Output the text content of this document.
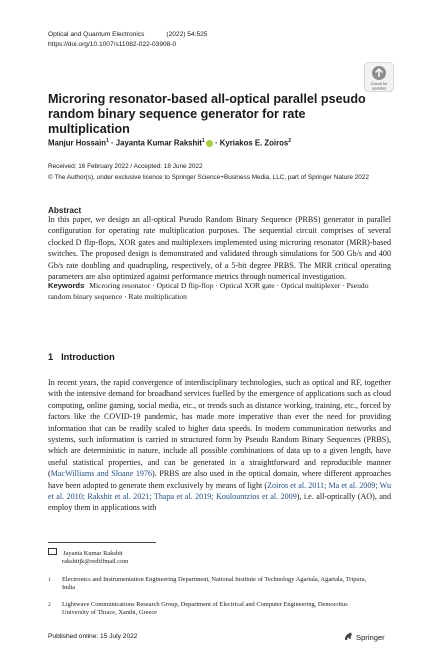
Optical and Quantum Electronics	(2022) 54:525
https://doi.org/10.1007/s11082-022-03908-0
Check for
updates
Microring resonator-based all-optical parallel pseudo random binary sequence generator for rate multiplication
Manjur Hossain$^1$ · Jayanta Kumar Rakshit$^1$ · Kyriakos E. Zoiros$^2$
Received: 16 February 2022 / Accepted: 18 June 2022
© The Author(s), under exclusive licence to Springer Science+Business Media, LLC, part of Springer Nature 2022
Abstract
In this paper, we design an all-optical Pseudo Random Binary Sequence (PRBS) generator in parallel configuration for operating rate multiplication purposes. The sequential circuit comprises of several clocked D flip-flops, XOR gates and multiplexers implemented using microring resonator (MRR)-based switches. The proposed design is demonstrated and validated through simulations for 500 Gb/s and 400 Gb/s rate doubling and quadrupling, respectively, of a 5-bit degree PRBS. The MRR critical operating parameters are also optimized against performance metrics through numerical investigation.
Keywords Microring resonator · Optical D flip-flop · Optical XOR gate · Optical multiplexer · Pseudo random binary sequence · Rate multiplication
1 Introduction
In recent years, the rapid convergence of interdisciplinary technologies, such as optical and RF, together with the intensive demand for broadband services fuelled by the emergence of applications such as cloud computing, online gaming, social media, etc., or trends such as distance working, training, etc., forced by factors like the COVID-19 pandemic, has made more imperative than ever the need for providing information that can be readily scaled to higher data speeds. In modern communication networks and systems, such information is carried in structured form by Pseudo Random Binary Sequences (PRBS), which are deterministic in nature, include all possible combinations of data up to a given length, have useful statistical properties, and can be generated in a straightforward and reproducible manner (MacWilliams and Sloane 1976). PRBS are also used in the optical domain, where different approaches have been adopted to generate them exclusively by means of light (Zoiros et al. 2011; Ma et al. 2009; Wu et al. 2010; Rakshit et al. 2021; Thapa et al. 2019; Koulountzios et al. 2009), i.e. all-optically (AO), and employ them in applications with
Jayanta Kumar Rakshit
rakshitjk@rediffmail.com
1 Electronics and Instrumentation Engineering Department, National Institute of Technology Agartala, Agartala, Tripura, India
2 Lightwave Communications Research Group, Department of Electrical and Computer Engineering, Democritus University of Thrace, Xanthi, Greece
Published online: 15 July 2022	Springer
